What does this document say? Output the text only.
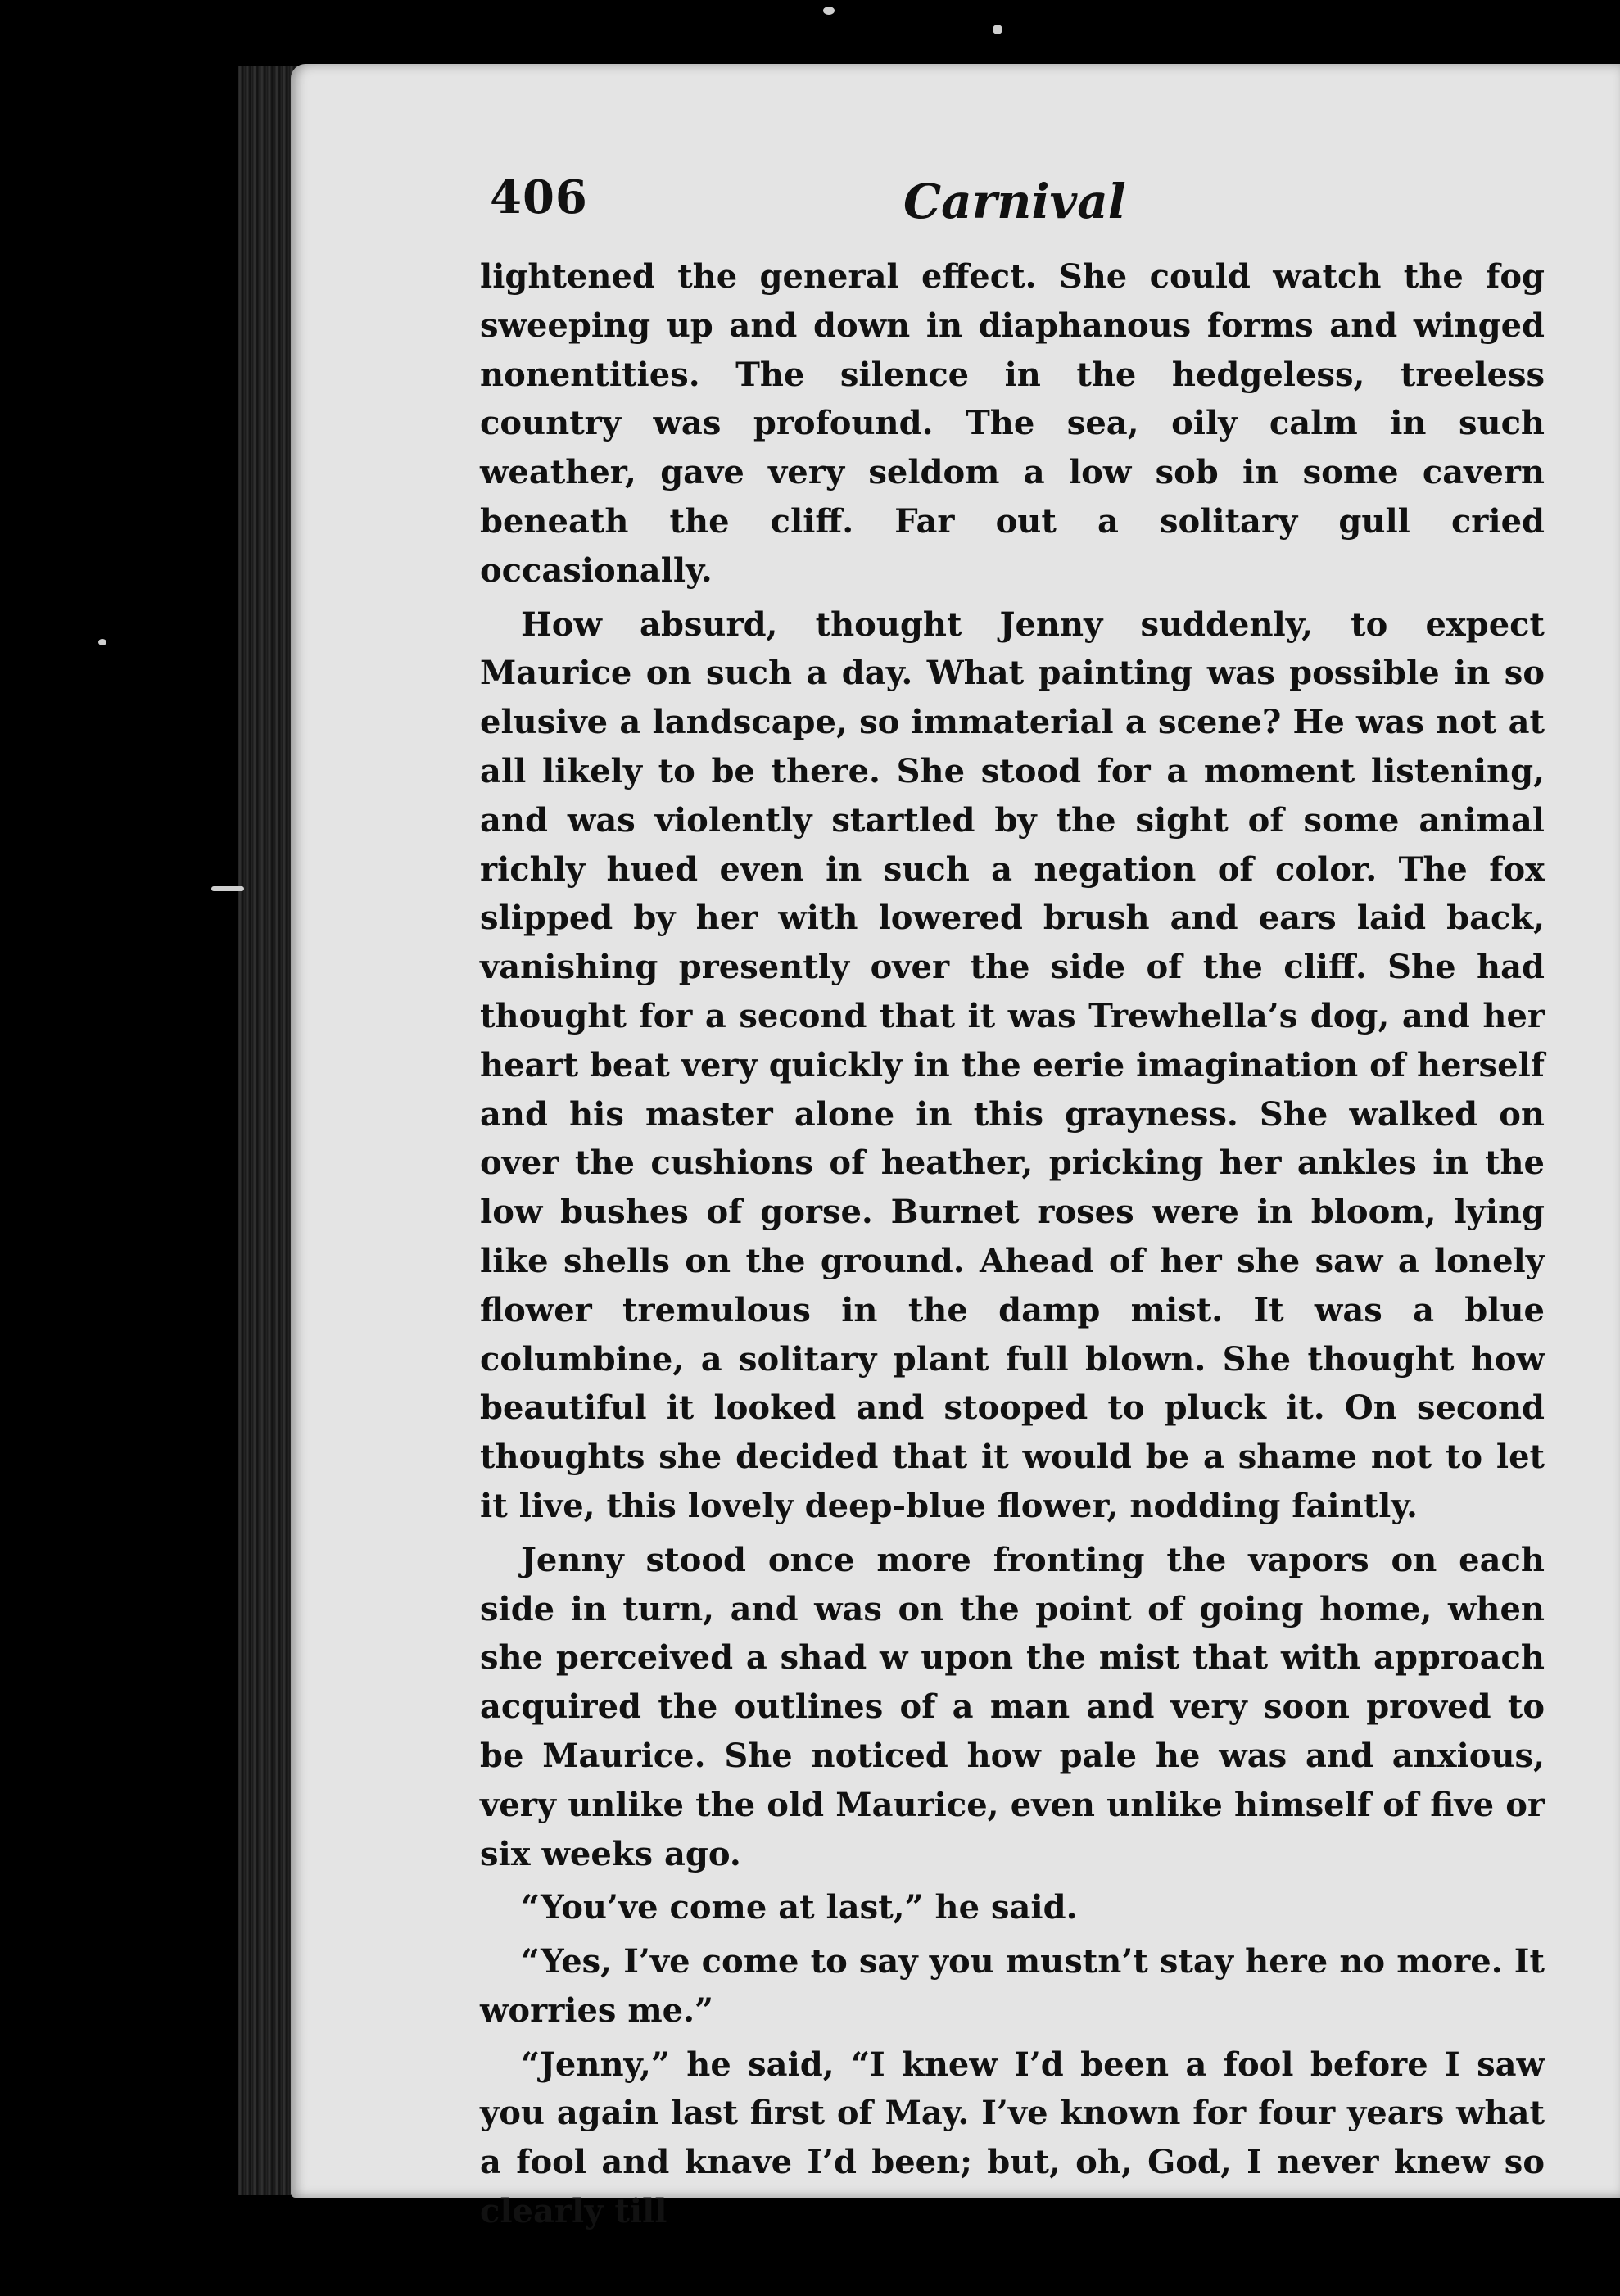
406	Carnival

lightened the general effect. She could watch the fog sweeping up and down in diaphanous forms and winged nonentities. The silence in the hedgeless, treeless country was profound. The sea, oily calm in such weather, gave very seldom a low sob in some cavern beneath the cliff. Far out a solitary gull cried occasionally.

How absurd, thought Jenny suddenly, to expect Maurice on such a day. What painting was possible in so elusive a landscape, so immaterial a scene? He was not at all likely to be there. She stood for a moment listening, and was violently startled by the sight of some animal richly hued even in such a negation of color. The fox slipped by her with lowered brush and ears laid back, vanishing presently over the side of the cliff. She had thought for a second that it was Trewhella’s dog, and her heart beat very quickly in the eerie imagination of herself and his master alone in this grayness. She walked on over the cushions of heather, pricking her ankles in the low bushes of gorse. Burnet roses were in bloom, lying like shells on the ground. Ahead of her she saw a lonely flower tremulous in the damp mist. It was a blue columbine, a solitary plant full blown. She thought how beautiful it looked and stooped to pluck it. On second thoughts she decided that it would be a shame not to let it live, this lovely deep-blue flower, nodding faintly.

Jenny stood once more fronting the vapors on each side in turn, and was on the point of going home, when she perceived a shad w upon the mist that with approach acquired the outlines of a man and very soon proved to be Maurice. She noticed how pale he was and anxious, very unlike the old Maurice, even unlike himself of five or six weeks ago.

“You’ve come at last,” he said.

“Yes, I’ve come to say you mustn’t stay here no more. It worries me.”

“Jenny,” he said, “I knew I’d been a fool before I saw you again last first of May. I’ve known for four years what a fool and knave I’d been; but, oh, God, I never knew so clearly till
